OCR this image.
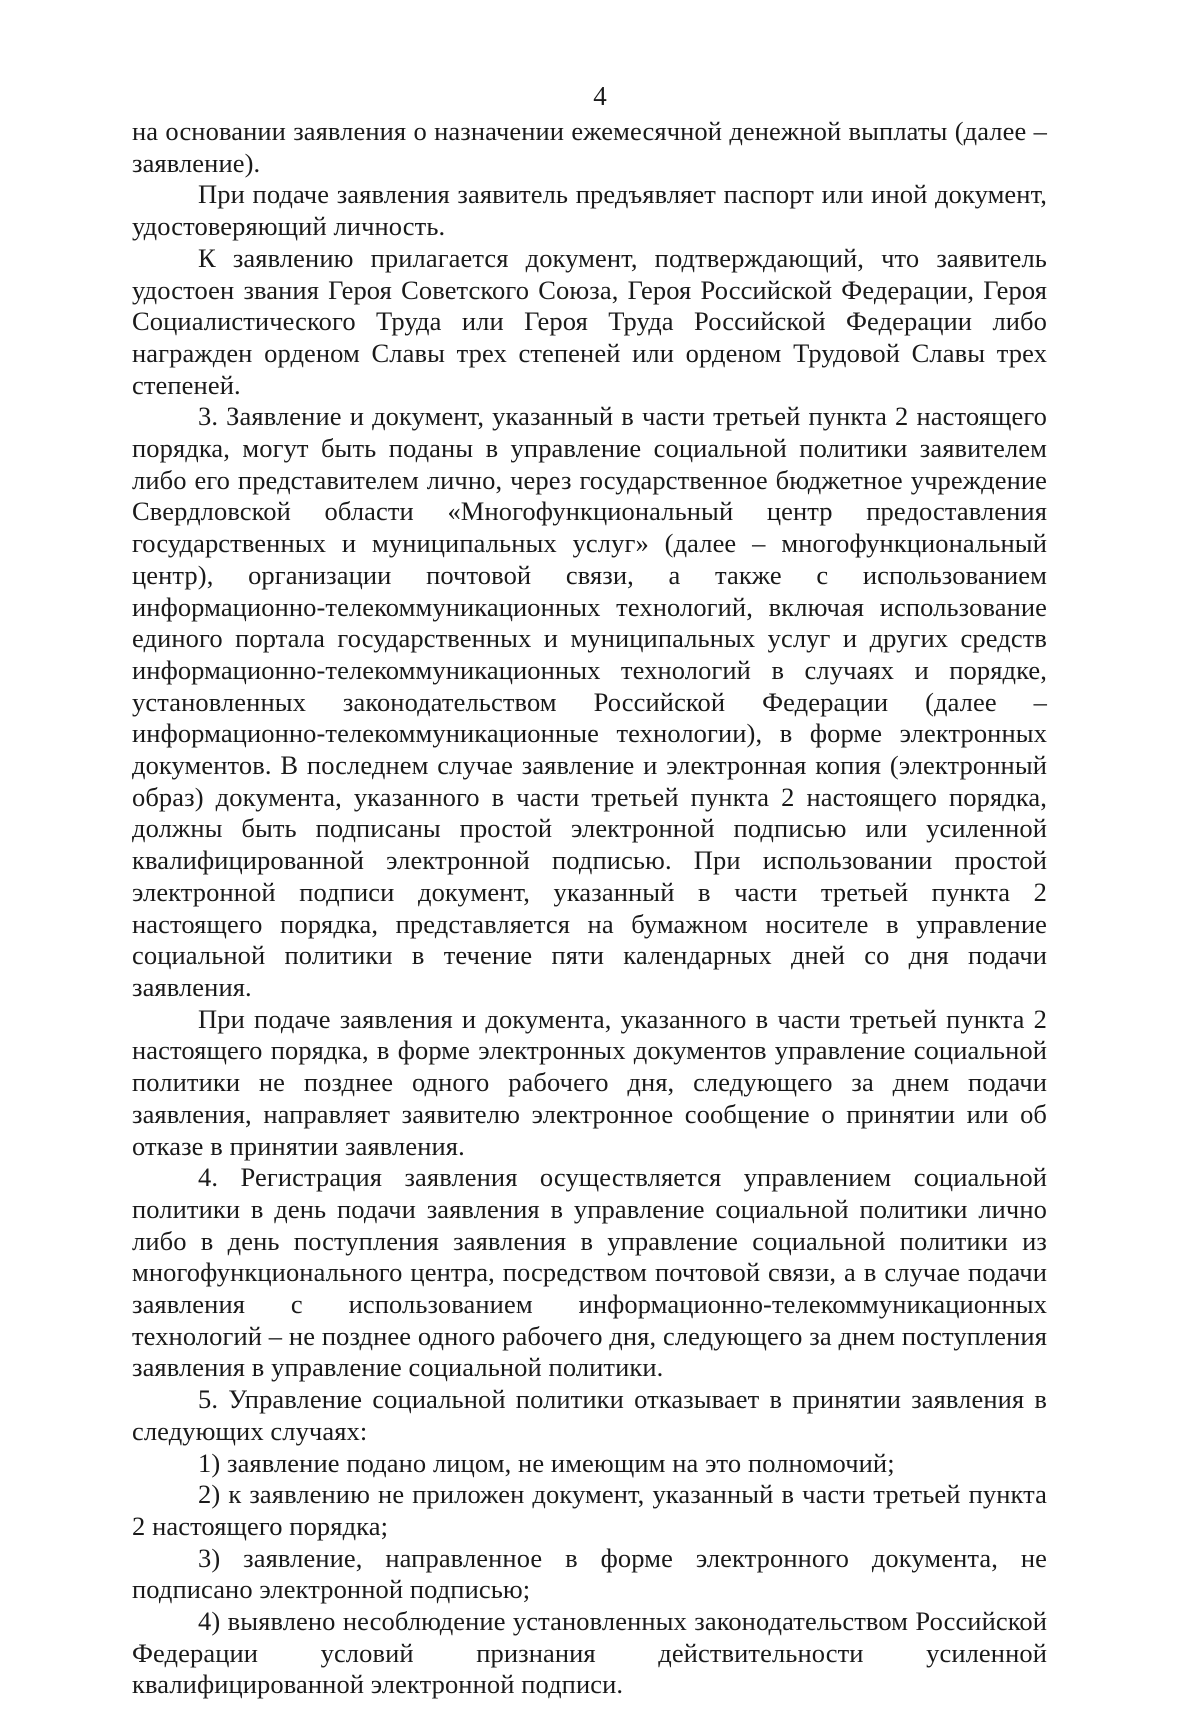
4

на основании заявления о назначении ежемесячной денежной выплаты (далее – заявление).

При подаче заявления заявитель предъявляет паспорт или иной документ, удостоверяющий личность.

К заявлению прилагается документ, подтверждающий, что заявитель удостоен звания Героя Советского Союза, Героя Российской Федерации, Героя Социалистического Труда или Героя Труда Российской Федерации либо награжден орденом Славы трех степеней или орденом Трудовой Славы трех степеней.

3. Заявление и документ, указанный в части третьей пункта 2 настоящего порядка, могут быть поданы в управление социальной политики заявителем либо его представителем лично, через государственное бюджетное учреждение Свердловской области «Многофункциональный центр предоставления государственных и муниципальных услуг» (далее – многофункциональный центр), организации почтовой связи, а также с использованием информационно-телекоммуникационных технологий, включая использование единого портала государственных и муниципальных услуг и других средств информационно-телекоммуникационных технологий в случаях и порядке, установленных законодательством Российской Федерации (далее – информационно-телекоммуникационные технологии), в форме электронных документов. В последнем случае заявление и электронная копия (электронный образ) документа, указанного в части третьей пункта 2 настоящего порядка, должны быть подписаны простой электронной подписью или усиленной квалифицированной электронной подписью. При использовании простой электронной подписи документ, указанный в части третьей пункта 2 настоящего порядка, представляется на бумажном носителе в управление социальной политики в течение пяти календарных дней со дня подачи заявления.

При подаче заявления и документа, указанного в части третьей пункта 2 настоящего порядка, в форме электронных документов управление социальной политики не позднее одного рабочего дня, следующего за днем подачи заявления, направляет заявителю электронное сообщение о принятии или об отказе в принятии заявления.

4. Регистрация заявления осуществляется управлением социальной политики в день подачи заявления в управление социальной политики лично либо в день поступления заявления в управление социальной политики из многофункционального центра, посредством почтовой связи, а в случае подачи заявления с использованием информационно-телекоммуникационных технологий – не позднее одного рабочего дня, следующего за днем поступления заявления в управление социальной политики.

5. Управление социальной политики отказывает в принятии заявления в следующих случаях:

1) заявление подано лицом, не имеющим на это полномочий;

2) к заявлению не приложен документ, указанный в части третьей пункта 2 настоящего порядка;

3) заявление, направленное в форме электронного документа, не подписано электронной подписью;

4) выявлено несоблюдение установленных законодательством Российской Федерации условий признания действительности усиленной квалифицированной электронной подписи.
